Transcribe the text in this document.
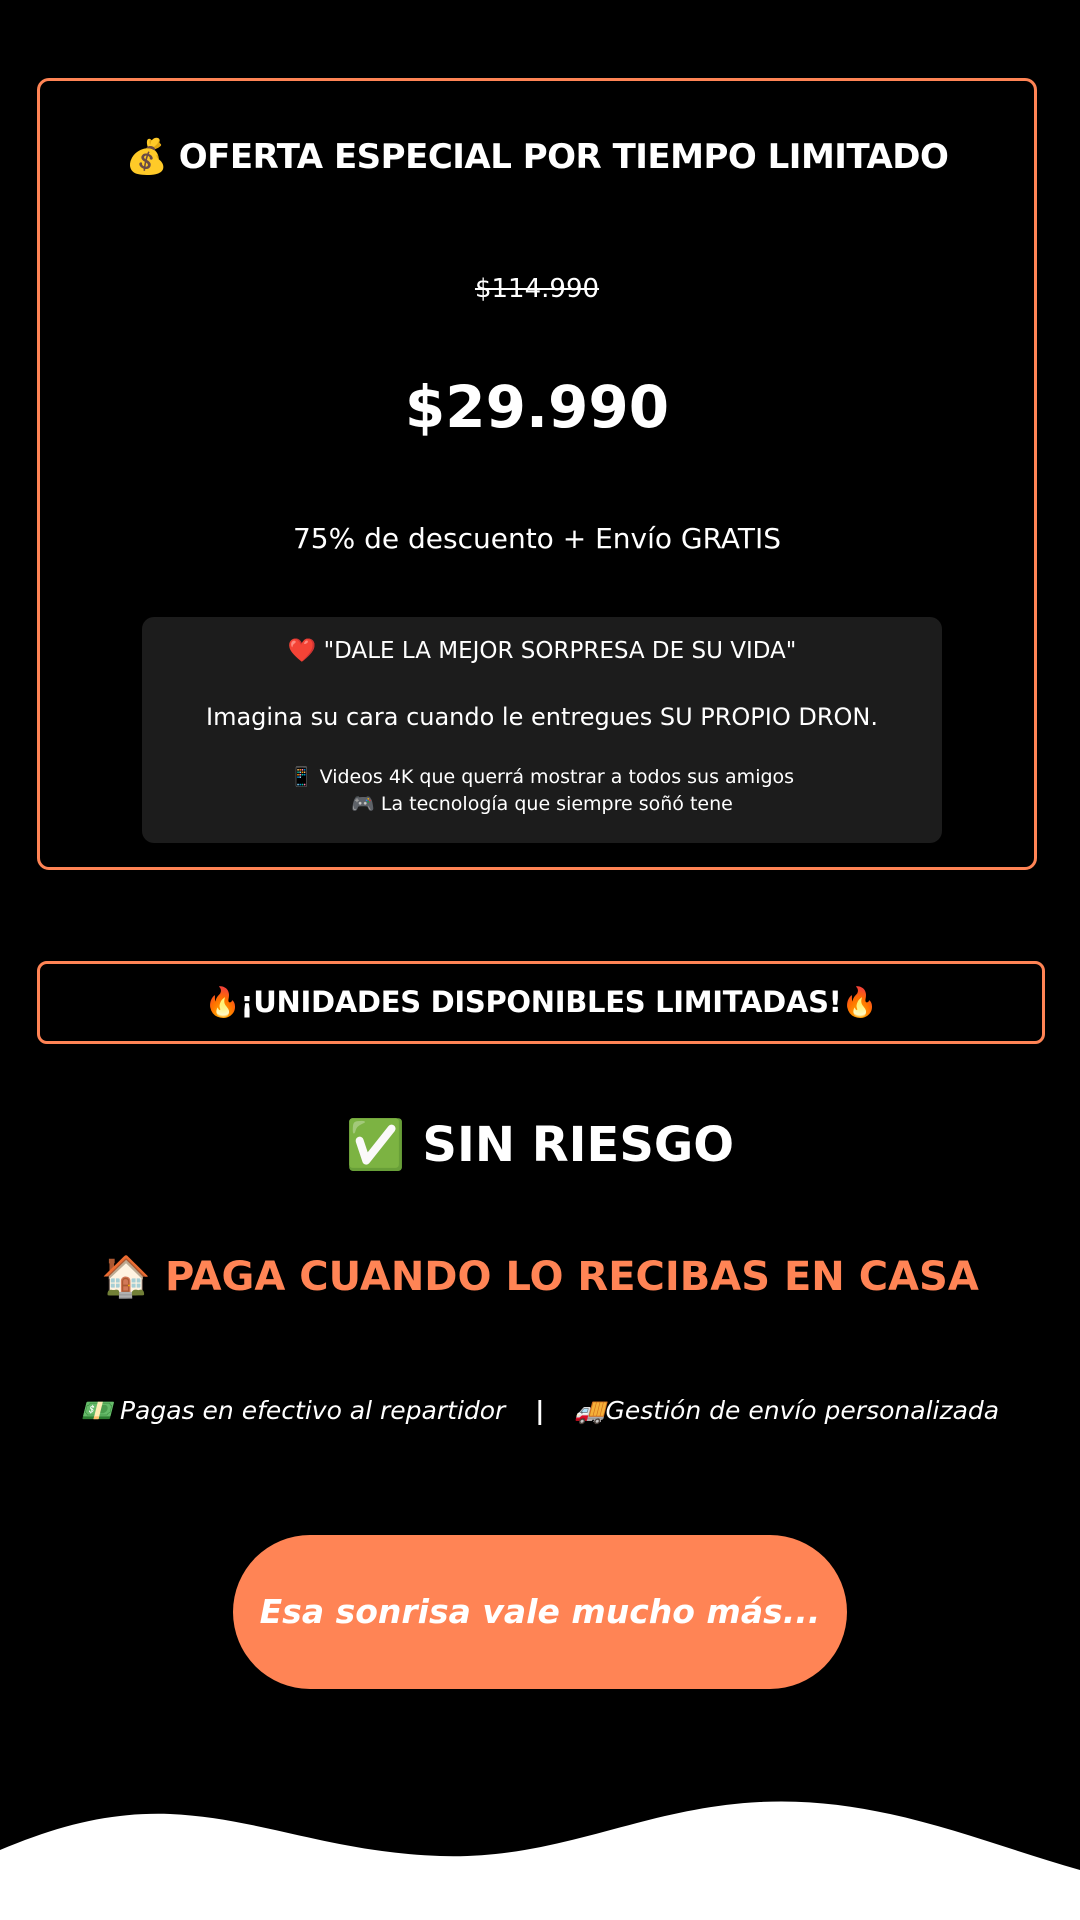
💰 OFERTA ESPECIAL POR TIEMPO LIMITADO
$114.990
$29.990
75% de descuento + Envío GRATIS
❤️ "DALE LA MEJOR SORPRESA DE SU VIDA"
Imagina su cara cuando le entregues SU PROPIO DRON.
📱 Videos 4K que querrá mostrar a todos sus amigos
🎮 La tecnología que siempre soñó tene
🔥¡UNIDADES DISPONIBLES LIMITADAS!🔥
✅ SIN RIESGO
🏠 PAGA CUANDO LO RECIBAS EN CASA
💵 Pagas en efectivo al repartidor | 🚚Gestión de envío personalizada
Esa sonrisa vale mucho más...
